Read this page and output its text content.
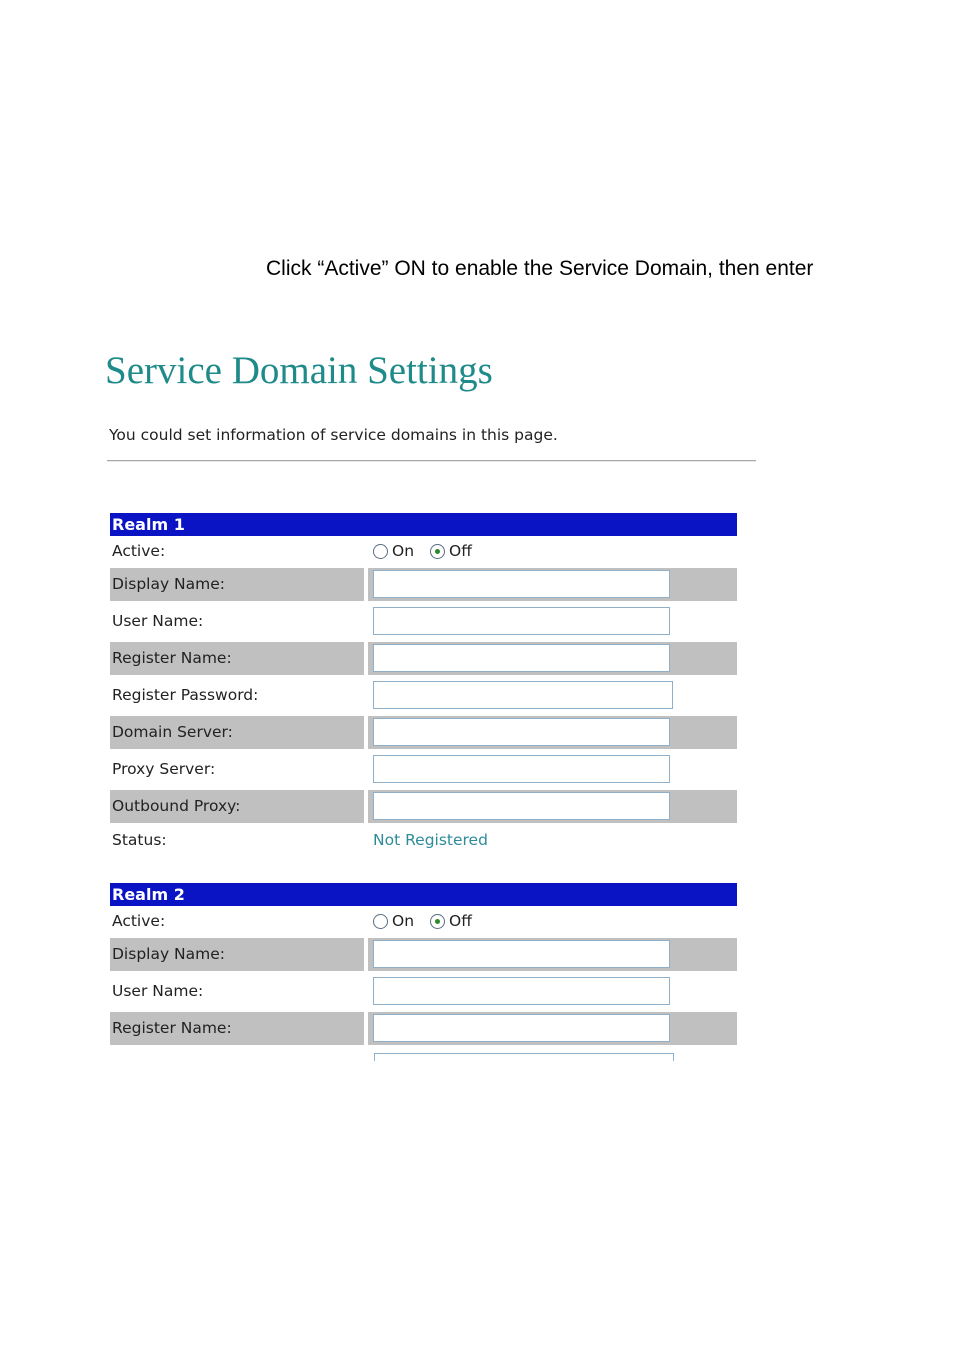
Click “Active” ON to enable the Service Domain, then enter
Service Domain Settings
You could set information of service domains in this page.
Realm 1
Active:	On Off
Display Name:
User Name:
Register Name:
Register Password:
Domain Server:
Proxy Server:
Outbound Proxy:
Status:	Not Registered
Realm 2
Active:	On Off
Display Name:
User Name:
Register Name:
